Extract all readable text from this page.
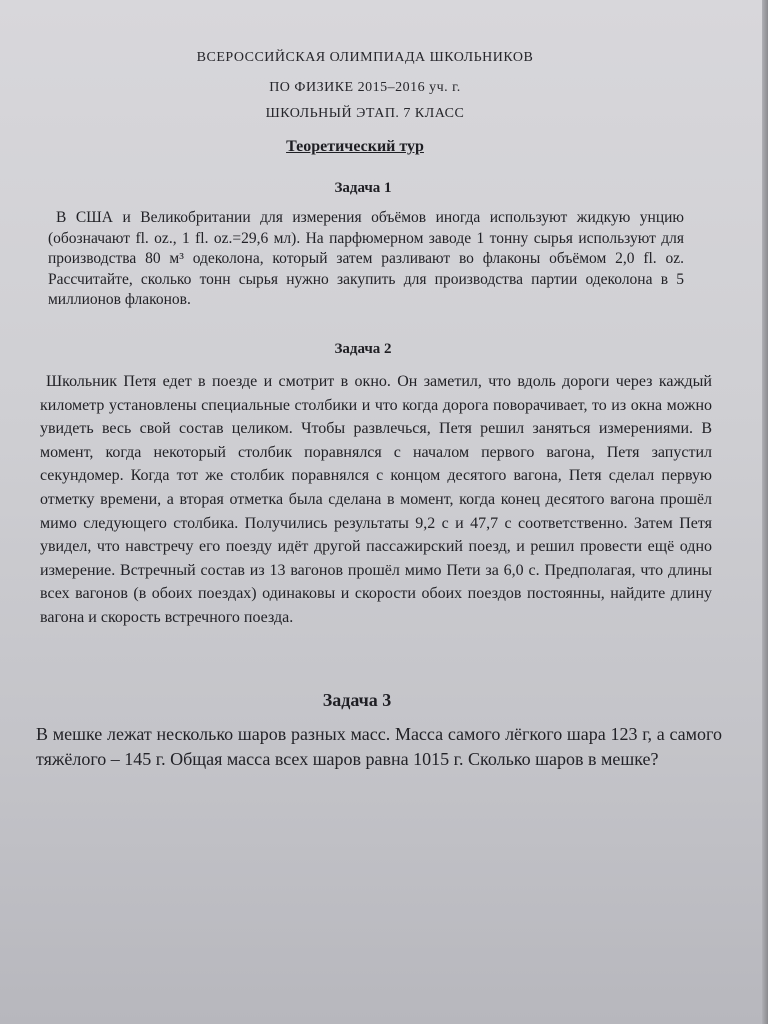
ВСЕРОССИЙСКАЯ ОЛИМПИАДА ШКОЛЬНИКОВ
ПО ФИЗИКЕ 2015–2016 уч. г.
ШКОЛЬНЫЙ ЭТАП. 7 КЛАСС
Теоретический тур
Задача 1
В США и Великобритании для измерения объёмов иногда используют жидкую унцию (обозначают fl. oz., 1 fl. oz.=29,6 мл). На парфюмерном заводе 1 тонну сырья используют для производства 80 м³ одеколона, который затем разливают во флаконы объёмом 2,0 fl. oz. Рассчитайте, сколько тонн сырья нужно закупить для производства партии одеколона в 5 миллионов флаконов.
Задача 2
Школьник Петя едет в поезде и смотрит в окно. Он заметил, что вдоль дороги через каждый километр установлены специальные столбики и что когда дорога поворачивает, то из окна можно увидеть весь свой состав целиком. Чтобы развлечься, Петя решил заняться измерениями. В момент, когда некоторый столбик поравнялся с началом первого вагона, Петя запустил секундомер. Когда тот же столбик поравнялся с концом десятого вагона, Петя сделал первую отметку времени, а вторая отметка была сделана в момент, когда конец десятого вагона прошёл мимо следующего столбика. Получились результаты 9,2 с и 47,7 с соответственно. Затем Петя увидел, что навстречу его поезду идёт другой пассажирский поезд, и решил провести ещё одно измерение. Встречный состав из 13 вагонов прошёл мимо Пети за 6,0 с. Предполагая, что длины всех вагонов (в обоих поездах) одинаковы и скорости обоих поездов постоянны, найдите длину вагона и скорость встречного поезда.
Задача 3
В мешке лежат несколько шаров разных масс. Масса самого лёгкого шара 123 г, а самого тяжёлого – 145 г. Общая масса всех шаров равна 1015 г. Сколько шаров в мешке?
